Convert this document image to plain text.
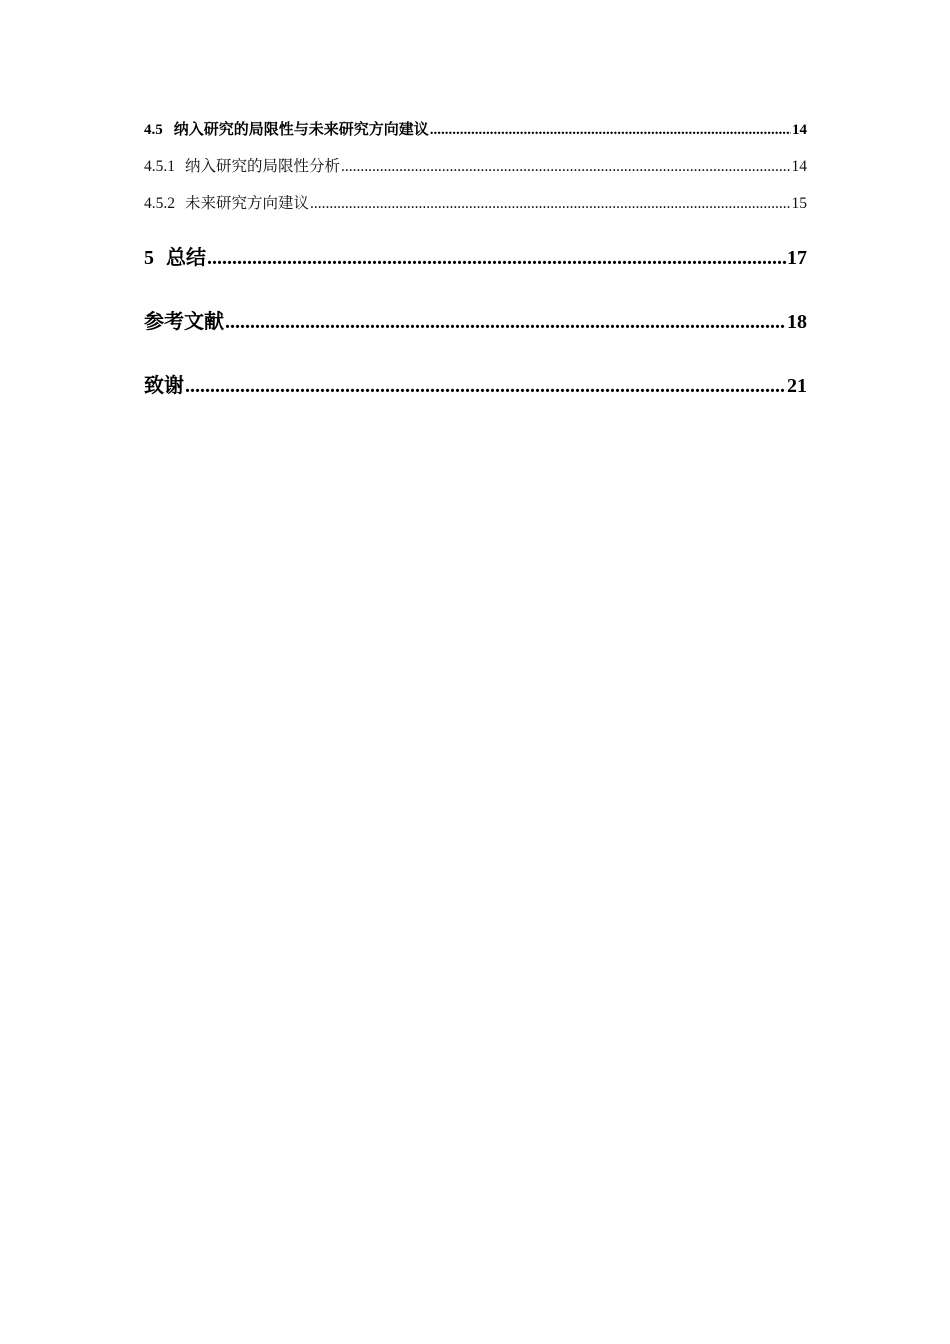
4.5 纳入研究的局限性与未来研究方向建议 .....	14
4.5.1 纳入研究的局限性分析 .....	14
4.5.2 未来研究方向建议 .....	15
5 总结 .....	17
参考文献 .....	18
致谢 .....	21
